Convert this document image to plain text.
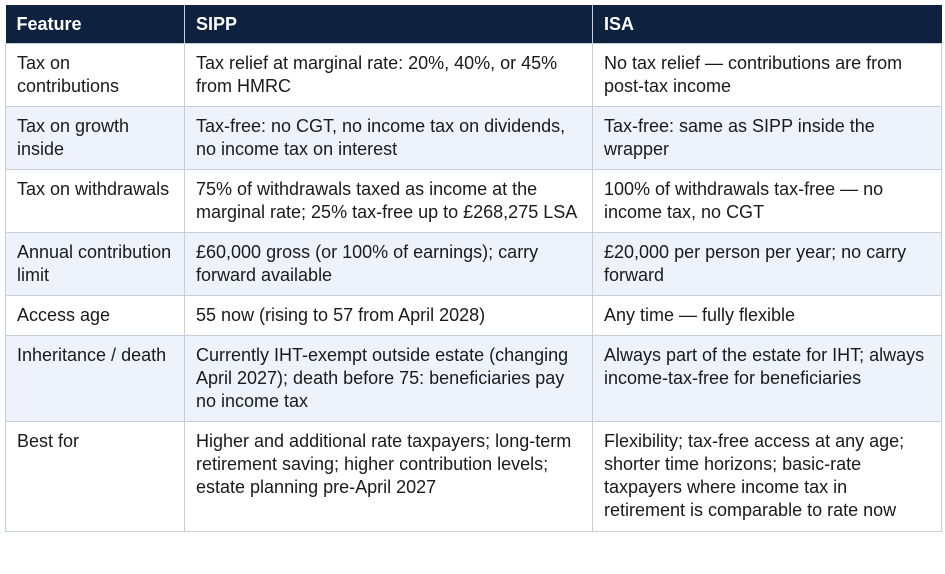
Feature	SIPP	ISA
Tax on contributions	Tax relief at marginal rate: 20%, 40%, or 45% from HMRC	No tax relief — contributions are from post-tax income
Tax on growth inside	Tax-free: no CGT, no income tax on dividends, no income tax on interest	Tax-free: same as SIPP inside the wrapper
Tax on withdrawals	75% of withdrawals taxed as income at the marginal rate; 25% tax-free up to £268,275 LSA	100% of withdrawals tax-free — no income tax, no CGT
Annual contribution limit	£60,000 gross (or 100% of earnings); carry forward available	£20,000 per person per year; no carry forward
Access age	55 now (rising to 57 from April 2028)	Any time — fully flexible
Inheritance / death	Currently IHT-exempt outside estate (changing April 2027); death before 75: beneficiaries pay no income tax	Always part of the estate for IHT; always income-tax-free for beneficiaries
Best for	Higher and additional rate taxpayers; long-term retirement saving; higher contribution levels; estate planning pre-April 2027	Flexibility; tax-free access at any age; shorter time horizons; basic-rate taxpayers where income tax in retirement is comparable to rate now
